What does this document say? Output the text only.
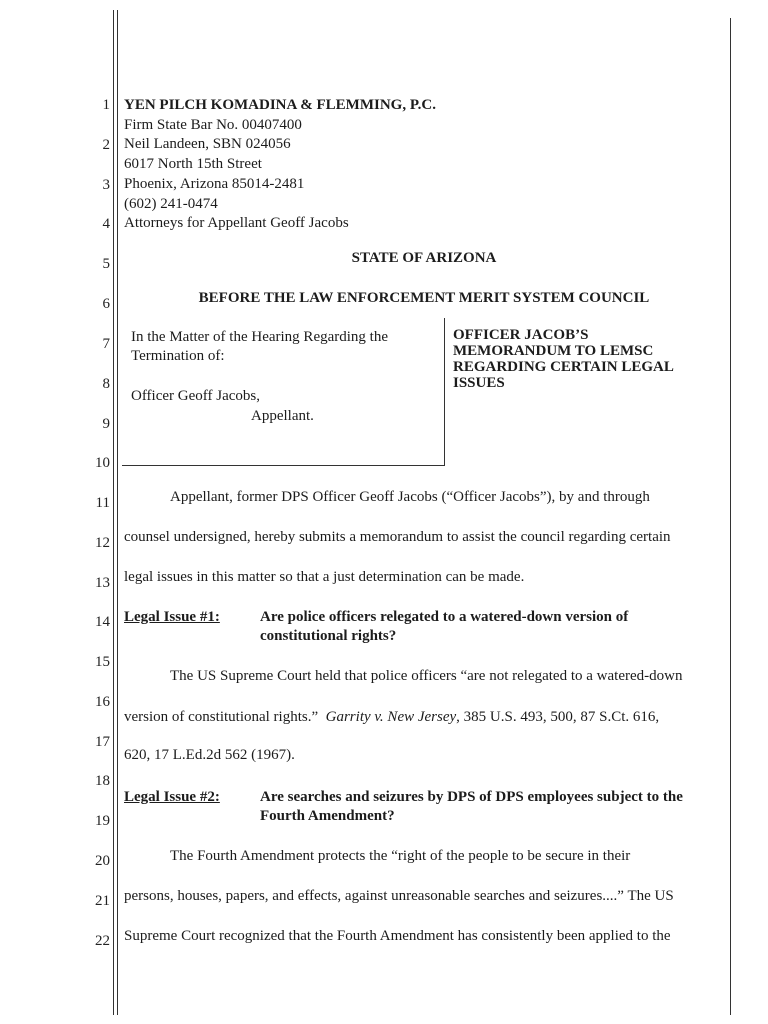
1
2
3
4
5
6
7
8
9
10
11
12
13
14
15
16
17
18
19
20
21
22
YEN PILCH KOMADINA & FLEMMING, P.C.
Firm State Bar No. 00407400
Neil Landeen, SBN 024056
6017 North 15th Street
Phoenix, Arizona 85014-2481
(602) 241-0474
Attorneys for Appellant Geoff Jacobs
STATE OF ARIZONA
BEFORE THE LAW ENFORCEMENT MERIT SYSTEM COUNCIL
In the Matter of the Hearing Regarding the
Termination of:
Officer Geoff Jacobs,
Appellant.
OFFICER JACOB’S
MEMORANDUM TO LEMSC
REGARDING CERTAIN LEGAL
ISSUES
Appellant, former DPS Officer Geoff Jacobs (“Officer Jacobs”), by and through
counsel undersigned, hereby submits a memorandum to assist the council regarding certain
legal issues in this matter so that a just determination can be made.
Legal Issue #1:	Are police officers relegated to a watered-down version of
constitutional rights?
The US Supreme Court held that police officers “are not relegated to a watered-down
version of constitutional rights.” Garrity v. New Jersey, 385 U.S. 493, 500, 87 S.Ct. 616,
620, 17 L.Ed.2d 562 (1967).
Legal Issue #2:	Are searches and seizures by DPS of DPS employees subject to the
Fourth Amendment?
The Fourth Amendment protects the “right of the people to be secure in their
persons, houses, papers, and effects, against unreasonable searches and seizures....” The US
Supreme Court recognized that the Fourth Amendment has consistently been applied to the
